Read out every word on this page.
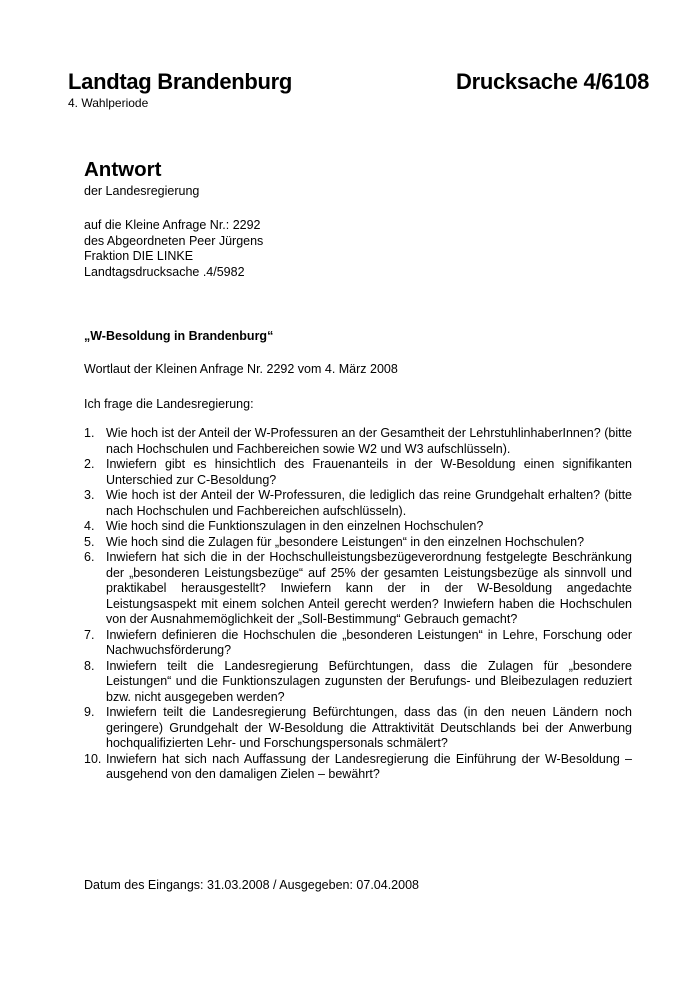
Landtag Brandenburg	Drucksache 4/6108
4. Wahlperiode
Antwort
der Landesregierung
auf die Kleine Anfrage Nr.: 2292
des Abgeordneten Peer Jürgens
Fraktion DIE LINKE
Landtagsdrucksache .4/5982
„W-Besoldung in Brandenburg“
Wortlaut der Kleinen Anfrage Nr. 2292 vom 4. März 2008
Ich frage die Landesregierung:
1. Wie hoch ist der Anteil der W-Professuren an der Gesamtheit der LehrstuhlinhaberInnen? (bitte nach Hochschulen und Fachbereichen sowie W2 und W3 aufschlüsseln).
2. Inwiefern gibt es hinsichtlich des Frauenanteils in der W-Besoldung einen signifikanten Unterschied zur C-Besoldung?
3. Wie hoch ist der Anteil der W-Professuren, die lediglich das reine Grundgehalt erhalten? (bitte nach Hochschulen und Fachbereichen aufschlüsseln).
4. Wie hoch sind die Funktionszulagen in den einzelnen Hochschulen?
5. Wie hoch sind die Zulagen für „besondere Leistungen“ in den einzelnen Hochschulen?
6. Inwiefern hat sich die in der Hochschulleistungsbezügeverordnung festgelegte Beschränkung der „besonderen Leistungsbezüge“ auf 25% der gesamten Leistungsbezüge als sinnvoll und praktikabel herausgestellt? Inwiefern kann der in der W-Besoldung angedachte Leistungsaspekt mit einem solchen Anteil gerecht werden? Inwiefern haben die Hochschulen von der Ausnahmemöglichkeit der „Soll-Bestimmung“ Gebrauch gemacht?
7. Inwiefern definieren die Hochschulen die „besonderen Leistungen“ in Lehre, Forschung oder Nachwuchsförderung?
8. Inwiefern teilt die Landesregierung Befürchtungen, dass die Zulagen für „besondere Leistungen“ und die Funktionszulagen zugunsten der Berufungs- und Bleibezulagen reduziert bzw. nicht ausgegeben werden?
9. Inwiefern teilt die Landesregierung Befürchtungen, dass das (in den neuen Ländern noch geringere) Grundgehalt der W-Besoldung die Attraktivität Deutschlands bei der Anwerbung hochqualifizierten Lehr- und Forschungspersonals schmälert?
10. Inwiefern hat sich nach Auffassung der Landesregierung die Einführung der W-Besoldung – ausgehend von den damaligen Zielen – bewährt?
Datum des Eingangs: 31.03.2008 / Ausgegeben: 07.04.2008
